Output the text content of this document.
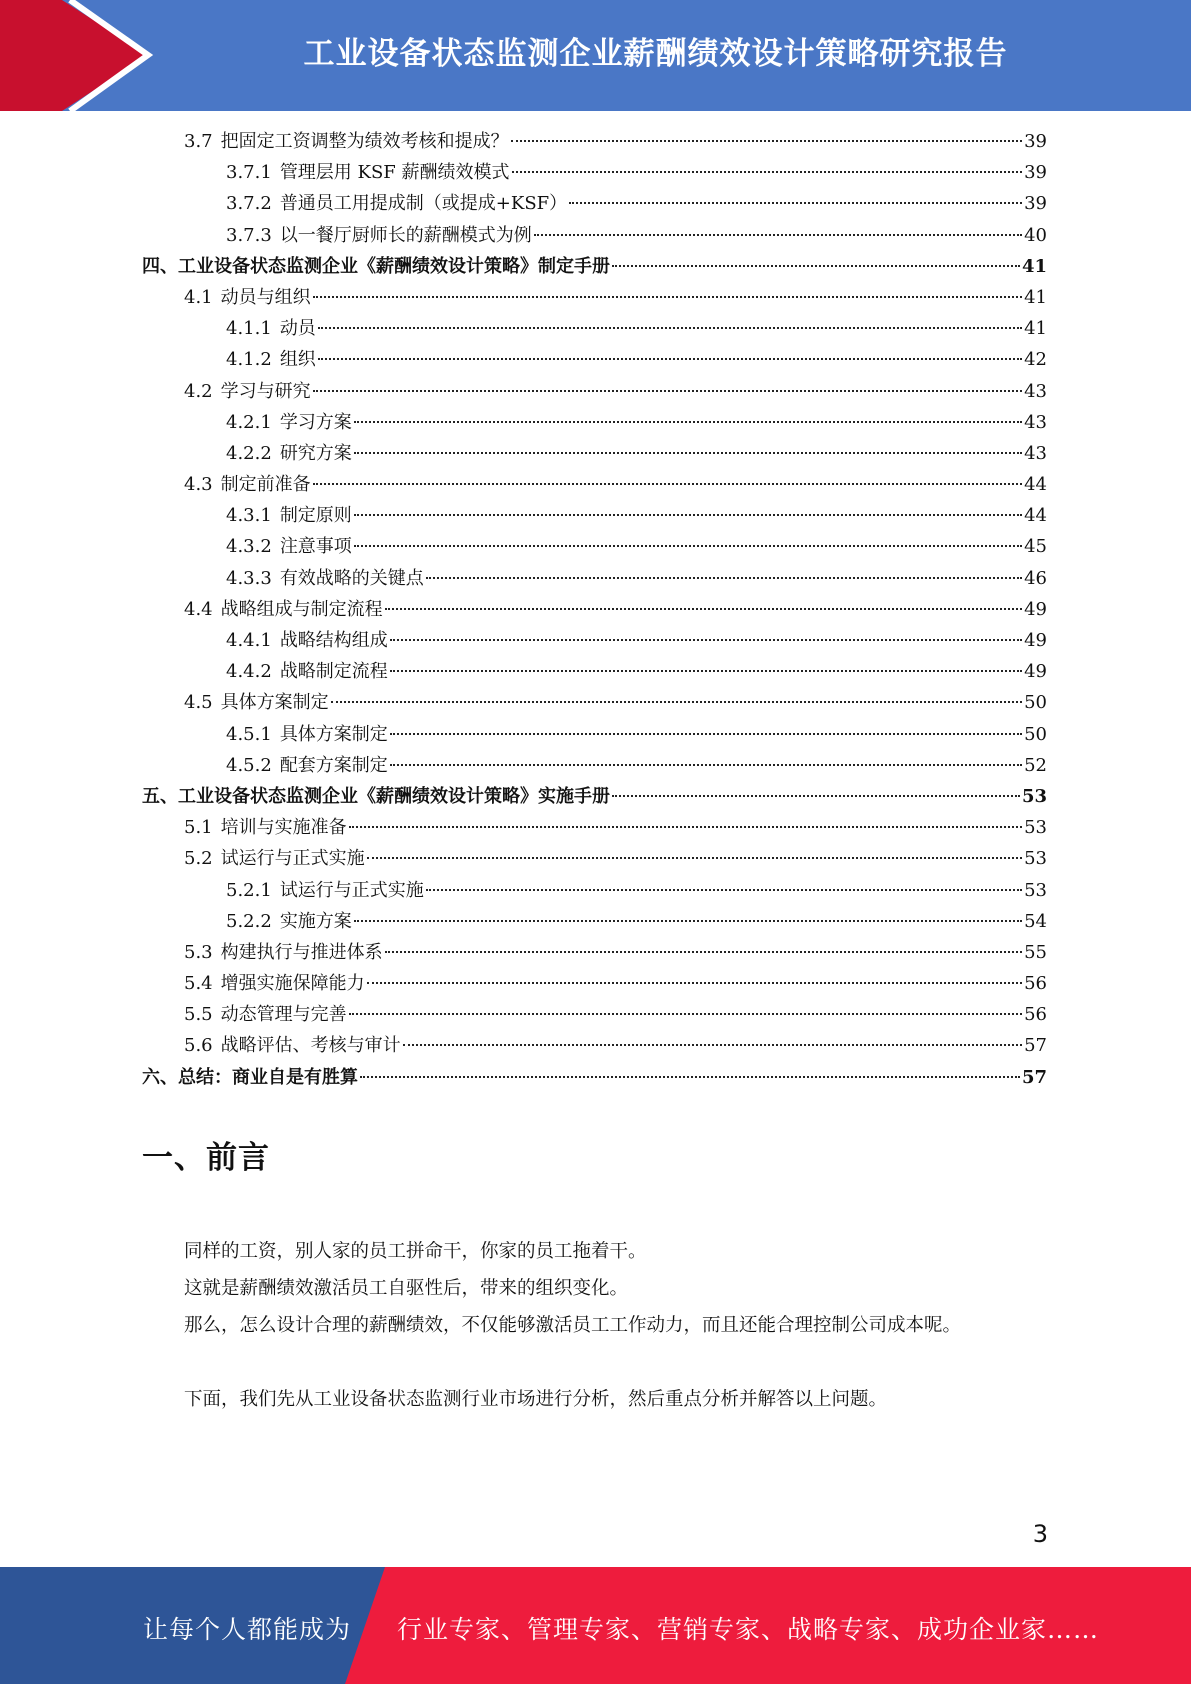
工业设备状态监测企业薪酬绩效设计策略研究报告
3.7 把固定工资调整为绩效考核和提成？	39
3.7.1 管理层用 KSF 薪酬绩效模式	39
3.7.2 普通员工用提成制（或提成+KSF）	39
3.7.3 以一餐厅厨师长的薪酬模式为例	40
四、工业设备状态监测企业《薪酬绩效设计策略》制定手册	41
4.1 动员与组织	41
4.1.1 动员	41
4.1.2 组织	42
4.2 学习与研究	43
4.2.1 学习方案	43
4.2.2 研究方案	43
4.3 制定前准备	44
4.3.1 制定原则	44
4.3.2 注意事项	45
4.3.3 有效战略的关键点	46
4.4 战略组成与制定流程	49
4.4.1 战略结构组成	49
4.4.2 战略制定流程	49
4.5 具体方案制定	50
4.5.1 具体方案制定	50
4.5.2 配套方案制定	52
五、工业设备状态监测企业《薪酬绩效设计策略》实施手册	53
5.1 培训与实施准备	53
5.2 试运行与正式实施	53
5.2.1 试运行与正式实施	53
5.2.2 实施方案	54
5.3 构建执行与推进体系	55
5.4 增强实施保障能力	56
5.5 动态管理与完善	56
5.6 战略评估、考核与审计	57
六、总结：商业自是有胜算	57
一、前言

同样的工资，别人家的员工拼命干，你家的员工拖着干。

这就是薪酬绩效激活员工自驱性后，带来的组织变化。

那么，怎么设计合理的薪酬绩效，不仅能够激活员工工作动力，而且还能合理控制公司成本呢。

下面，我们先从工业设备状态监测行业市场进行分析，然后重点分析并解答以上问题。

3
让每个人都能成为 行业专家、管理专家、营销专家、战略专家、成功企业家……
